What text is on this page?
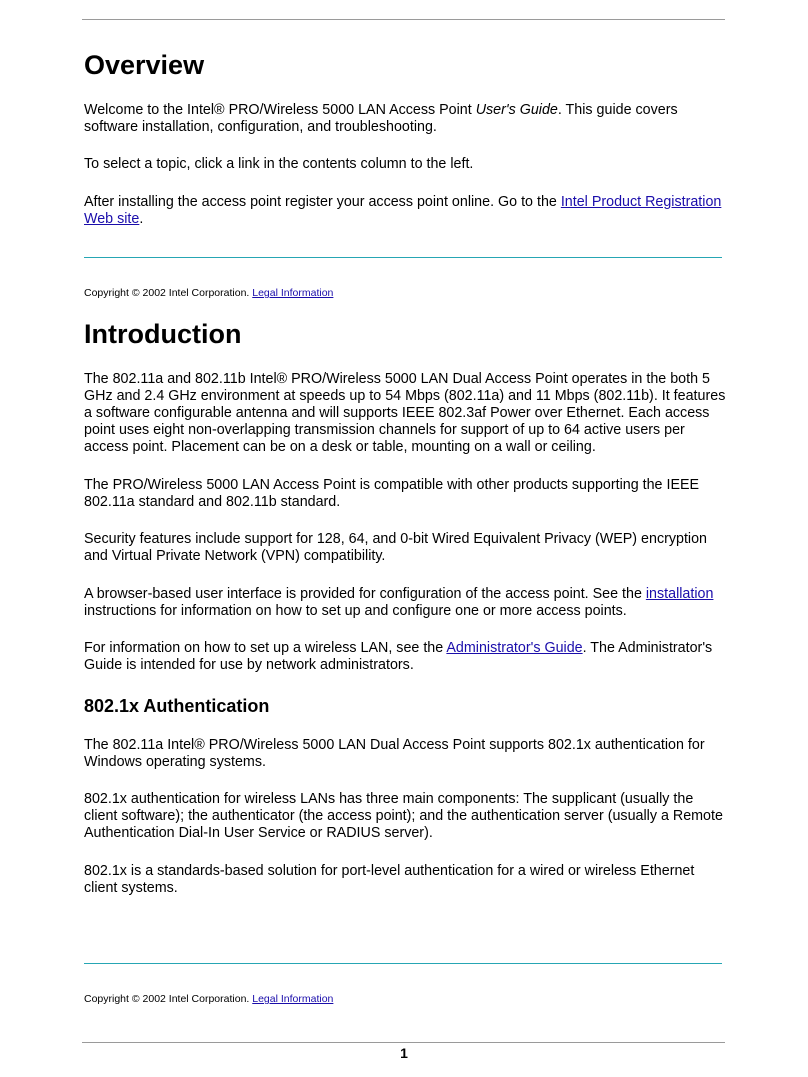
Overview

Welcome to the Intel® PRO/Wireless 5000 LAN Access Point User's Guide. This guide covers software installation, configuration, and troubleshooting.

To select a topic, click a link in the contents column to the left.

After installing the access point register your access point online. Go to the Intel Product Registration Web site.

Copyright © 2002 Intel Corporation. Legal Information

Introduction

The 802.11a and 802.11b Intel® PRO/Wireless 5000 LAN Dual Access Point operates in the both 5 GHz and 2.4 GHz environment at speeds up to 54 Mbps (802.11a) and 11 Mbps (802.11b). It features a software configurable antenna and will supports IEEE 802.3af Power over Ethernet. Each access point uses eight non-overlapping transmission channels for support of up to 64 active users per access point. Placement can be on a desk or table, mounting on a wall or ceiling.

The PRO/Wireless 5000 LAN Access Point is compatible with other products supporting the IEEE 802.11a standard and 802.11b standard.

Security features include support for 128, 64, and 0-bit Wired Equivalent Privacy (WEP) encryption and Virtual Private Network (VPN) compatibility.

A browser-based user interface is provided for configuration of the access point. See the installation instructions for information on how to set up and configure one or more access points.

For information on how to set up a wireless LAN, see the Administrator's Guide. The Administrator's Guide is intended for use by network administrators.

802.1x Authentication

The 802.11a Intel® PRO/Wireless 5000 LAN Dual Access Point supports 802.1x authentication for Windows operating systems.

802.1x authentication for wireless LANs has three main components: The supplicant (usually the client software); the authenticator (the access point); and the authentication server (usually a Remote Authentication Dial-In User Service or RADIUS server).

802.1x is a standards-based solution for port-level authentication for a wired or wireless Ethernet client systems.

Copyright © 2002 Intel Corporation. Legal Information

1
